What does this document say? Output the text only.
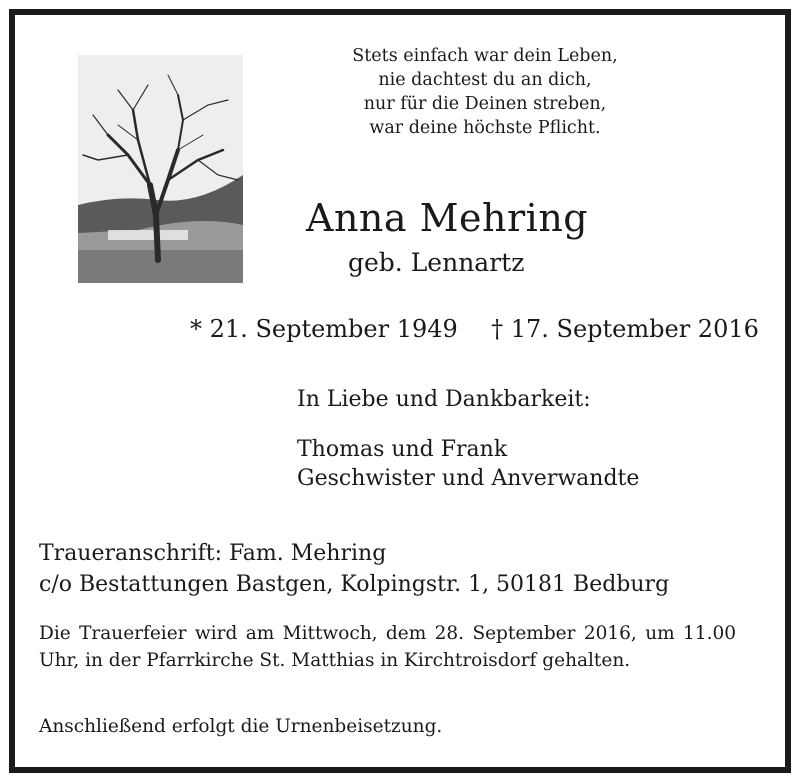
Stets einfach war dein Leben,
nie dachtest du an dich,
nur für die Deinen streben,
war deine höchste Pflicht.
Anna Mehring
geb. Lennartz
* 21. September 1949 † 17. September 2016
In Liebe und Dankbarkeit:
Thomas und Frank
Geschwister und Anverwandte
Traueranschrift: Fam. Mehring
c/o Bestattungen Bastgen, Kolpingstr. 1, 50181 Bedburg
Die Trauerfeier wird am Mittwoch, dem 28. September 2016, um 11.00 Uhr, in der Pfarrkirche St. Matthias in Kirchtroisdorf gehalten.
Anschließend erfolgt die Urnenbeisetzung.
